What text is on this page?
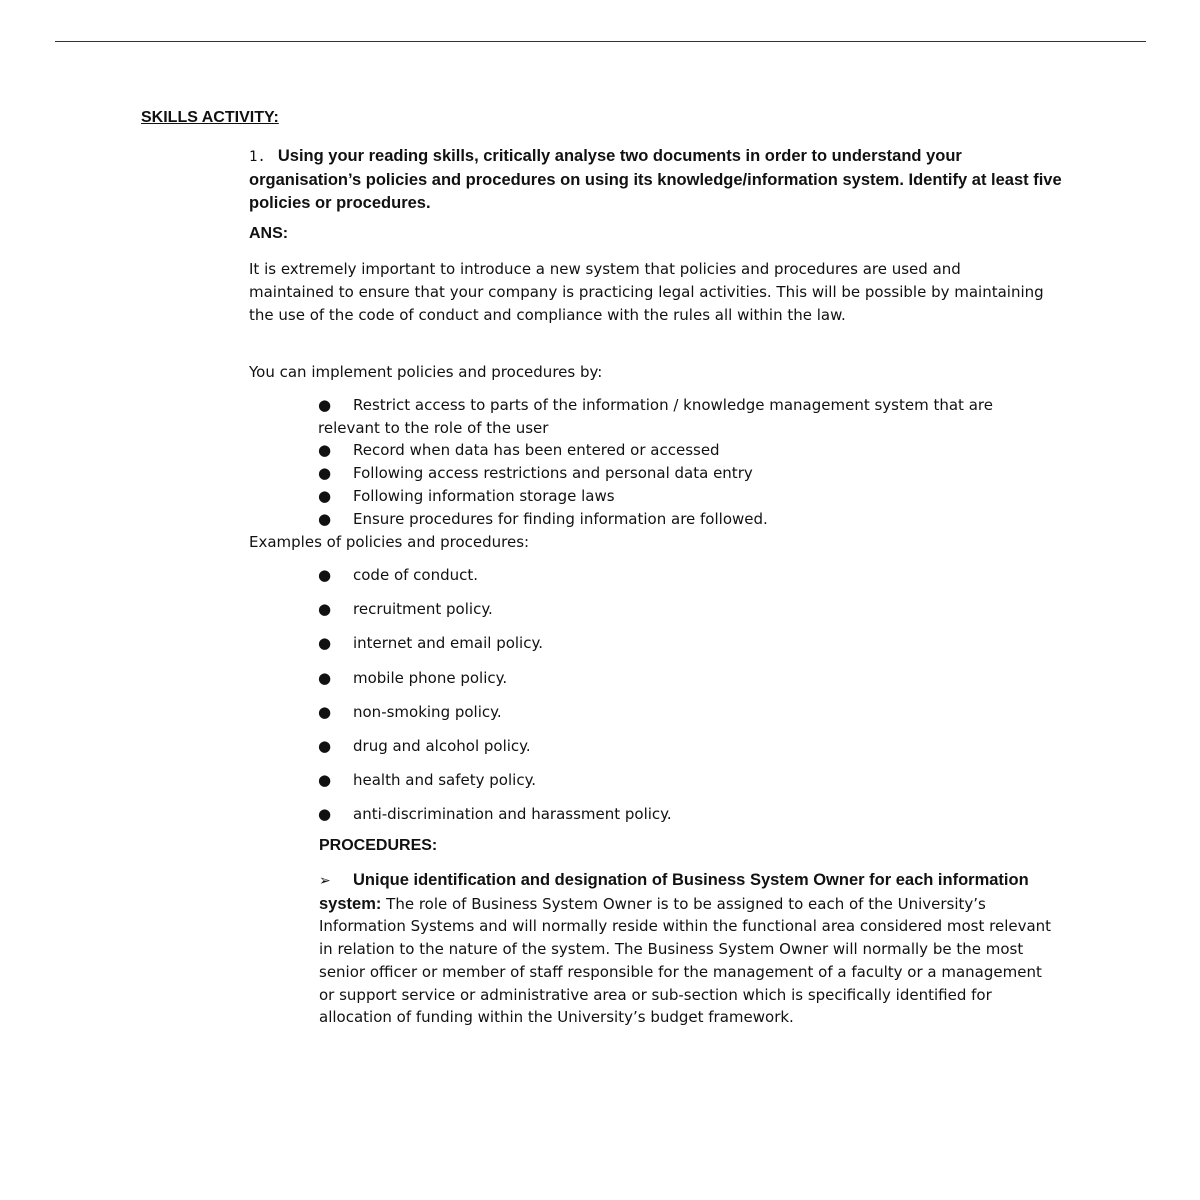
SKILLS ACTIVITY:
1. Using your reading skills, critically analyse two documents in order to understand your organisation’s policies and procedures on using its knowledge/information system. Identify at least five policies or procedures.
ANS:
It is extremely important to introduce a new system that policies and procedures are used and maintained to ensure that your company is practicing legal activities. This will be possible by maintaining the use of the code of conduct and compliance with the rules all within the law.
You can implement policies and procedures by:
● Restrict access to parts of the information / knowledge management system that are relevant to the role of the user
● Record when data has been entered or accessed
● Following access restrictions and personal data entry
● Following information storage laws
● Ensure procedures for finding information are followed.
Examples of policies and procedures:
● code of conduct.
● recruitment policy.
● internet and email policy.
● mobile phone policy.
● non-smoking policy.
● drug and alcohol policy.
● health and safety policy.
● anti-discrimination and harassment policy.
PROCEDURES:
➢ Unique identification and designation of Business System Owner for each information system: The role of Business System Owner is to be assigned to each of the University’s Information Systems and will normally reside within the functional area considered most relevant in relation to the nature of the system. The Business System Owner will normally be the most senior officer or member of staff responsible for the management of a faculty or a management or support service or administrative area or sub-section which is specifically identified for allocation of funding within the University’s budget framework.
